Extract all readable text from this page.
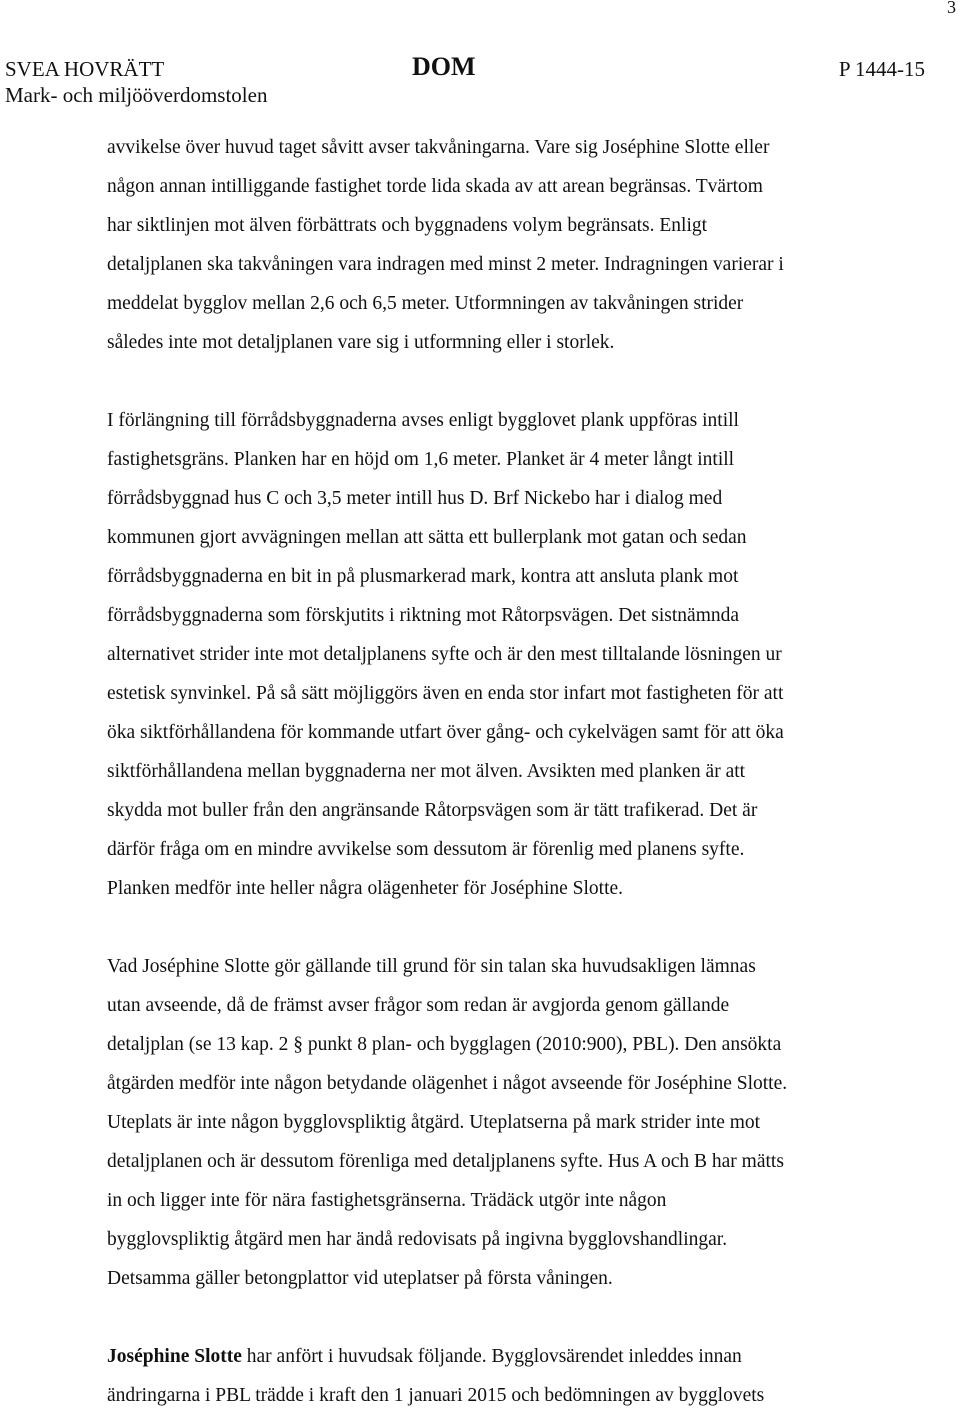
3
SVEA HOVRÄTT
Mark- och miljööverdomstolen
DOM	P 1444-15

avvikelse över huvud taget såvitt avser takvåningarna. Vare sig Joséphine Slotte eller
någon annan intilliggande fastighet torde lida skada av att arean begränsas. Tvärtom
har siktlinjen mot älven förbättrats och byggnadens volym begränsats. Enligt
detaljplanen ska takvåningen vara indragen med minst 2 meter. Indragningen varierar i
meddelat bygglov mellan 2,6 och 6,5 meter. Utformningen av takvåningen strider
således inte mot detaljplanen vare sig i utformning eller i storlek.

I förlängning till förrådsbyggnaderna avses enligt bygglovet plank uppföras intill
fastighetsgräns. Planken har en höjd om 1,6 meter. Planket är 4 meter långt intill
förrådsbyggnad hus C och 3,5 meter intill hus D. Brf Nickebo har i dialog med
kommunen gjort avvägningen mellan att sätta ett bullerplank mot gatan och sedan
förrådsbyggnaderna en bit in på plusmarkerad mark, kontra att ansluta plank mot
förrådsbyggnaderna som förskjutits i riktning mot Råtorpsvägen. Det sistnämnda
alternativet strider inte mot detaljplanens syfte och är den mest tilltalande lösningen ur
estetisk synvinkel. På så sätt möjliggörs även en enda stor infart mot fastigheten för att
öka siktförhållandena för kommande utfart över gång- och cykelvägen samt för att öka
siktförhållandena mellan byggnaderna ner mot älven. Avsikten med planken är att
skydda mot buller från den angränsande Råtorpsvägen som är tätt trafikerad. Det är
därför fråga om en mindre avvikelse som dessutom är förenlig med planens syfte.
Planken medför inte heller några olägenheter för Joséphine Slotte.

Vad Joséphine Slotte gör gällande till grund för sin talan ska huvudsakligen lämnas
utan avseende, då de främst avser frågor som redan är avgjorda genom gällande
detaljplan (se 13 kap. 2 § punkt 8 plan- och bygglagen (2010:900), PBL). Den ansökta
åtgärden medför inte någon betydande olägenhet i något avseende för Joséphine Slotte.
Uteplats är inte någon bygglovspliktig åtgärd. Uteplatserna på mark strider inte mot
detaljplanen och är dessutom förenliga med detaljplanens syfte. Hus A och B har mätts
in och ligger inte för nära fastighetsgränserna. Trädäck utgör inte någon
bygglovspliktig åtgärd men har ändå redovisats på ingivna bygglovshandlingar.
Detsamma gäller betongplattor vid uteplatser på första våningen.

Joséphine Slotte har anfört i huvudsak följande. Bygglovsärendet inleddes innan
ändringarna i PBL trädde i kraft den 1 januari 2015 och bedömningen av bygglovets
